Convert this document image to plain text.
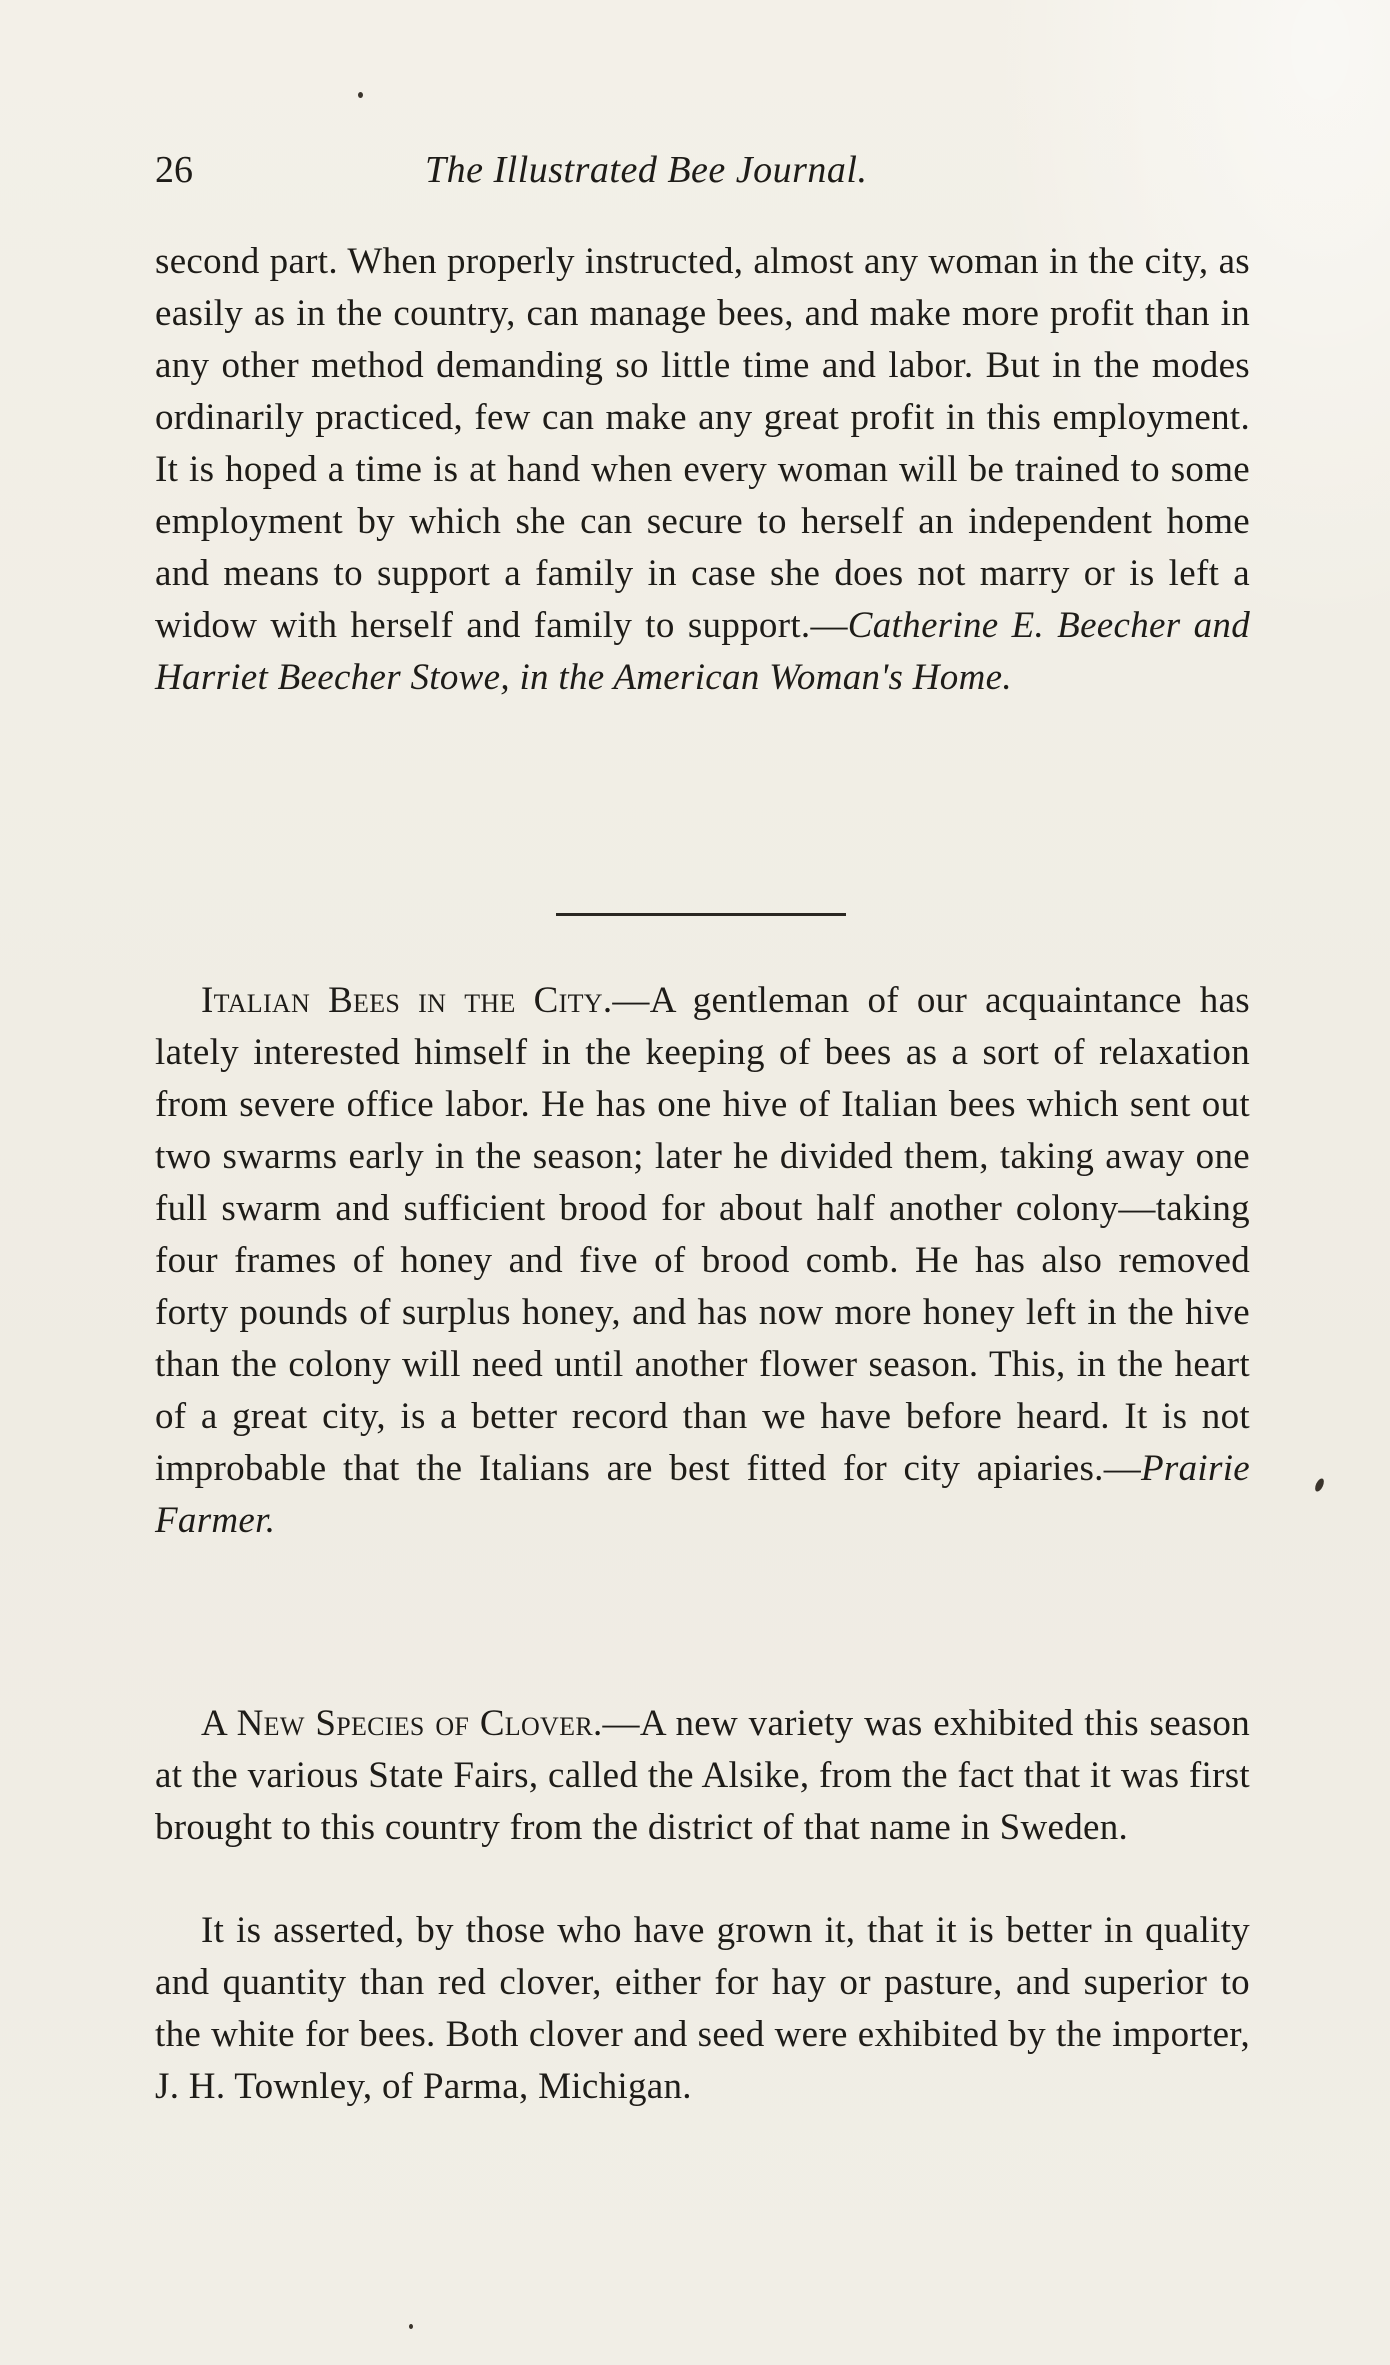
26	The Illustrated Bee Journal.

second part. When properly instructed, almost any woman in the city, as easily as in the country, can manage bees, and make more profit than in any other method demanding so little time and labor. But in the modes ordinarily practiced, few can make any great profit in this employment. It is hoped a time is at hand when every woman will be trained to some employment by which she can secure to herself an independent home and means to support a family in case she does not marry or is left a widow with herself and family to support.—Catherine E. Beecher and Harriet Beecher Stowe, in the American Woman's Home.

Italian Bees in the City.—A gentleman of our acquaintance has lately interested himself in the keeping of bees as a sort of relaxation from severe office labor. He has one hive of Italian bees which sent out two swarms early in the season; later he divided them, taking away one full swarm and sufficient brood for about half another colony—taking four frames of honey and five of brood comb. He has also removed forty pounds of surplus honey, and has now more honey left in the hive than the colony will need until another flower season. This, in the heart of a great city, is a better record than we have before heard. It is not improbable that the Italians are best fitted for city apiaries.—Prairie Farmer.

A New Species of Clover.—A new variety was exhibited this season at the various State Fairs, called the Alsike, from the fact that it was first brought to this country from the district of that name in Sweden.

It is asserted, by those who have grown it, that it is better in quality and quantity than red clover, either for hay or pasture, and superior to the white for bees. Both clover and seed were exhibited by the importer, J. H. Townley, of Parma, Michigan.
